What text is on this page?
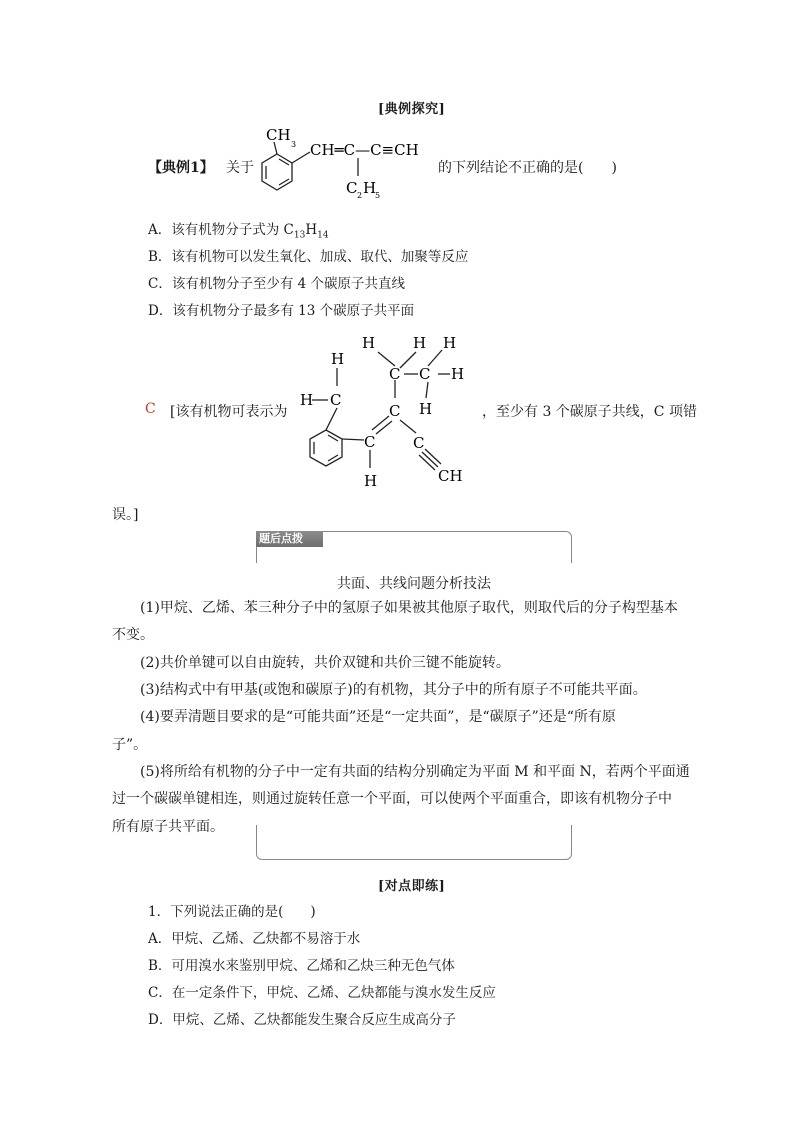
[典例探究]
【典例1】 关于
CH
3 CH═C—C≡CH
C 2 H
5
的下列结论不正确的是(　　)
A．该有机物分子式为 $C_{13}H_{14}$
B．该有机物可以发生氧化、加成、取代、加聚等反应
C．该有机物分子至少有 4 个碳原子共直线
D．该有机物分子最多有 13 个碳原子共平面
C [该有机物可表示为
H
H C
H	H H
C C H
H
C
C	C
H	CH
，至少有 3 个碳原子共线，C 项错
误。]
题后点拨
共面、共线问题分析技法
(1)甲烷、乙烯、苯三种分子中的氢原子如果被其他原子取代，则取代后的分子构型基本
不变。
(2)共价单键可以自由旋转，共价双键和共价三键不能旋转。
(3)结构式中有甲基(或饱和碳原子)的有机物，其分子中的所有原子不可能共平面。
(4)要弄清题目要求的是“可能共面”还是“一定共面”，是“碳原子”还是“所有原
子”。
(5)将所给有机物的分子中一定有共面的结构分别确定为平面 M 和平面 N，若两个平面通
过一个碳碳单键相连，则通过旋转任意一个平面，可以使两个平面重合，即该有机物分子中
所有原子共平面。
[对点即练]
1．下列说法正确的是(　　)
A．甲烷、乙烯、乙炔都不易溶于水
B．可用溴水来鉴别甲烷、乙烯和乙炔三种无色气体
C．在一定条件下，甲烷、乙烯、乙炔都能与溴水发生反应
D．甲烷、乙烯、乙炔都能发生聚合反应生成高分子
